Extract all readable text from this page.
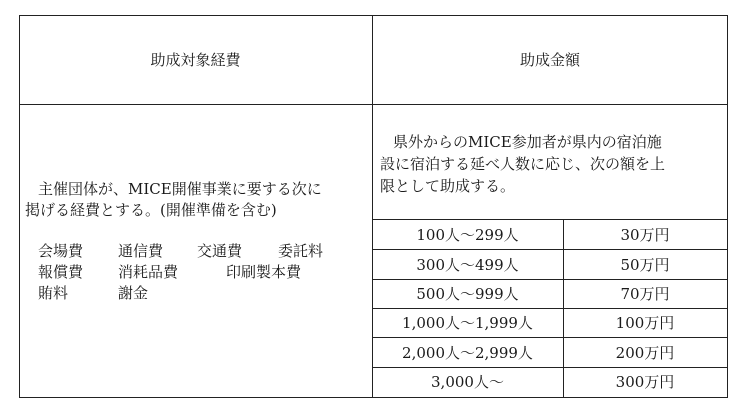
助成対象経費	助成金額
主催団体が、MICE開催事業に要する次に
掲げる経費とする。(開催準備を含む)
会場費 通信費 交通費 委託料
報償費 消耗品費	印刷製本費
賄料	謝金
県外からのMICE参加者が県内の宿泊施
設に宿泊する延べ人数に応じ、次の額を上
限として助成する。
100人～299人	30万円
300人～499人	50万円
500人～999人	70万円
1,000人～1,999人	100万円
2,000人～2,999人	200万円
3,000人～	300万円
